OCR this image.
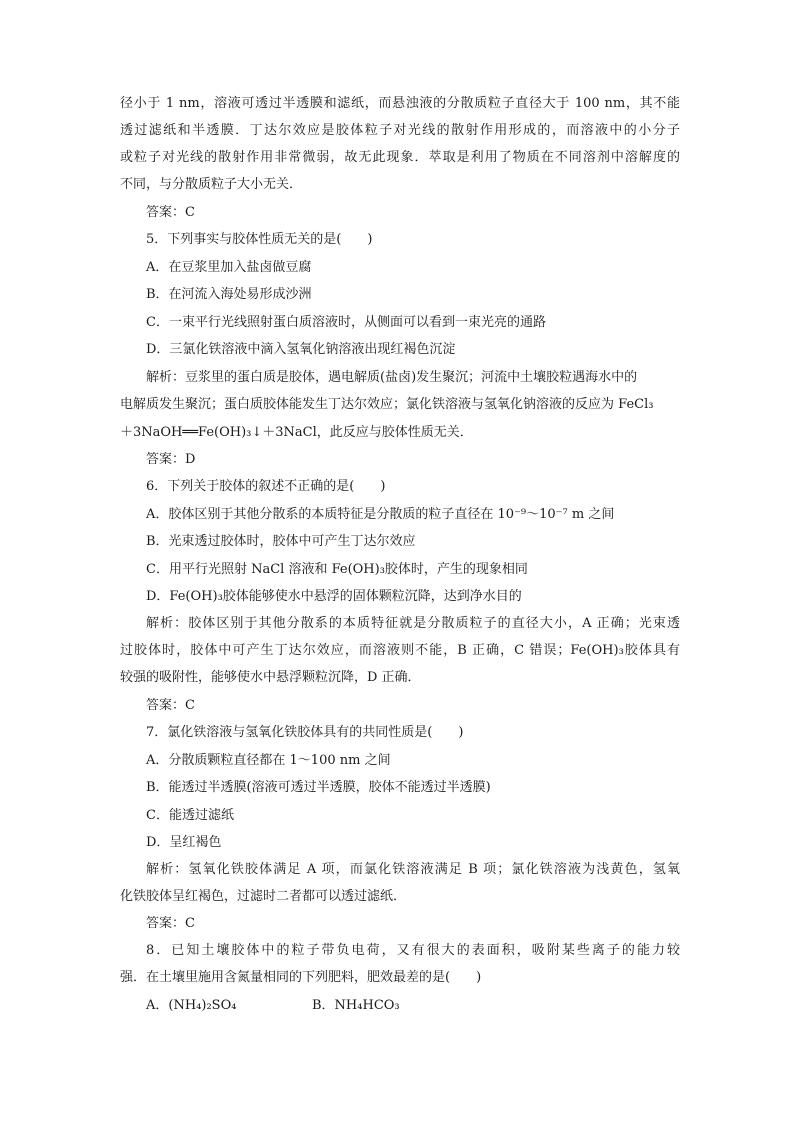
径小于 1 nm，溶液可透过半透膜和滤纸，而悬浊液的分散质粒子直径大于 100 nm，其不能
透过滤纸和半透膜．丁达尔效应是胶体粒子对光线的散射作用形成的，而溶液中的小分子
或粒子对光线的散射作用非常微弱，故无此现象．萃取是利用了物质在不同溶剂中溶解度的
不同，与分散质粒子大小无关．
答案：C
5．下列事实与胶体性质无关的是(　　)
A．在豆浆里加入盐卤做豆腐
B．在河流入海处易形成沙洲
C．一束平行光线照射蛋白质溶液时，从侧面可以看到一束光亮的通路
D．三氯化铁溶液中滴入氢氧化钠溶液出现红褐色沉淀
解析：豆浆里的蛋白质是胶体，遇电解质(盐卤)发生聚沉；河流中土壤胶粒遇海水中的
电解质发生聚沉；蛋白质胶体能发生丁达尔效应；氯化铁溶液与氢氧化钠溶液的反应为 FeCl₃
＋3NaOH══Fe(OH)₃↓＋3NaCl，此反应与胶体性质无关．
答案：D
6．下列关于胶体的叙述不正确的是(　　)
A．胶体区别于其他分散系的本质特征是分散质的粒子直径在 10⁻⁹～10⁻⁷ m 之间
B．光束透过胶体时，胶体中可产生丁达尔效应
C．用平行光照射 NaCl 溶液和 Fe(OH)₃胶体时，产生的现象相同
D．Fe(OH)₃胶体能够使水中悬浮的固体颗粒沉降，达到净水目的
解析：胶体区别于其他分散系的本质特征就是分散质粒子的直径大小，A 正确；光束透
过胶体时，胶体中可产生丁达尔效应，而溶液则不能，B 正确，C 错误；Fe(OH)₃胶体具有
较强的吸附性，能够使水中悬浮颗粒沉降，D 正确．
答案：C
7．氯化铁溶液与氢氧化铁胶体具有的共同性质是(　　)
A．分散质颗粒直径都在 1～100 nm 之间
B．能透过半透膜(溶液可透过半透膜，胶体不能透过半透膜)
C．能透过滤纸
D．呈红褐色
解析：氢氧化铁胶体满足 A 项，而氯化铁溶液满足 B 项；氯化铁溶液为浅黄色，氢氧
化铁胶体呈红褐色，过滤时二者都可以透过滤纸．
答案：C
8．已知土壤胶体中的粒子带负电荷，又有很大的表面积，吸附某些离子的能力较
强．在土壤里施用含氮量相同的下列肥料，肥效最差的是(　　)
A．(NH₄)₂SO₄	B．NH₄HCO₃
